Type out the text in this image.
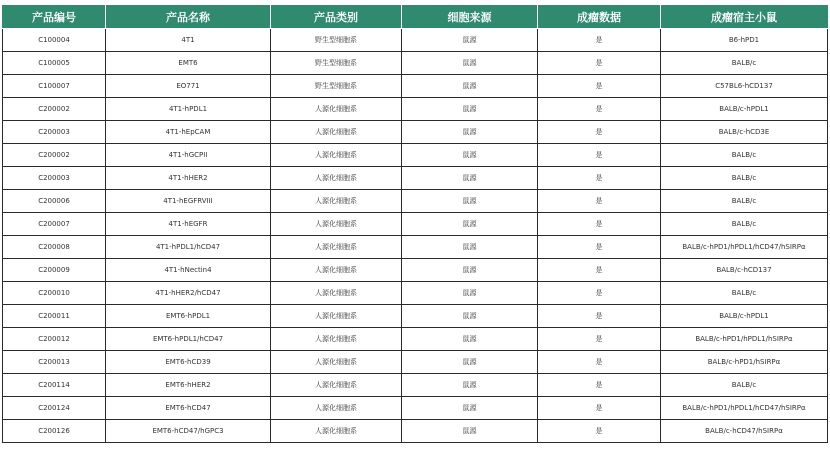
产品编号	产品名称	产品类别	细胞来源	成瘤数据	成瘤宿主小鼠
C100004	4T1	野生型细胞系	鼠源	是	B6-hPD1
C100005	EMT6	野生型细胞系	鼠源	是	BALB/c
C100007	EO771	野生型细胞系	鼠源	是	C57BL6-hCD137
C200002	4T1-hPDL1	人源化细胞系	鼠源	是	BALB/c-hPDL1
C200003	4T1-hEpCAM	人源化细胞系	鼠源	是	BALB/c-hCD3E
C200002	4T1-hGCPII	人源化细胞系	鼠源	是	BALB/c
C200003	4T1-hHER2	人源化细胞系	鼠源	是	BALB/c
C200006	4T1-hEGFRVIII	人源化细胞系	鼠源	是	BALB/c
C200007	4T1-hEGFR	人源化细胞系	鼠源	是	BALB/c
C200008	4T1-hPDL1/hCD47	人源化细胞系	鼠源	是	BALB/c-hPD1/hPDL1/hCD47/hSIRPα
C200009	4T1-hNectin4	人源化细胞系	鼠源	是	BALB/c-hCD137
C200010	4T1-hHER2/hCD47	人源化细胞系	鼠源	是	BALB/c
C200011	EMT6-hPDL1	人源化细胞系	鼠源	是	BALB/c-hPDL1
C200012	EMT6-hPDL1/hCD47	人源化细胞系	鼠源	是	BALB/c-hPD1/hPDL1/hSIRPα
C200013	EMT6-hCD39	人源化细胞系	鼠源	是	BALB/c-hPD1/hSIRPα
C200114	EMT6-hHER2	人源化细胞系	鼠源	是	BALB/c
C200124	EMT6-hCD47	人源化细胞系	鼠源	是	BALB/c-hPD1/hPDL1/hCD47/hSIRPα
C200126	EMT6-hCD47/hGPC3	人源化细胞系	鼠源	是	BALB/c-hCD47/hSIRPα
